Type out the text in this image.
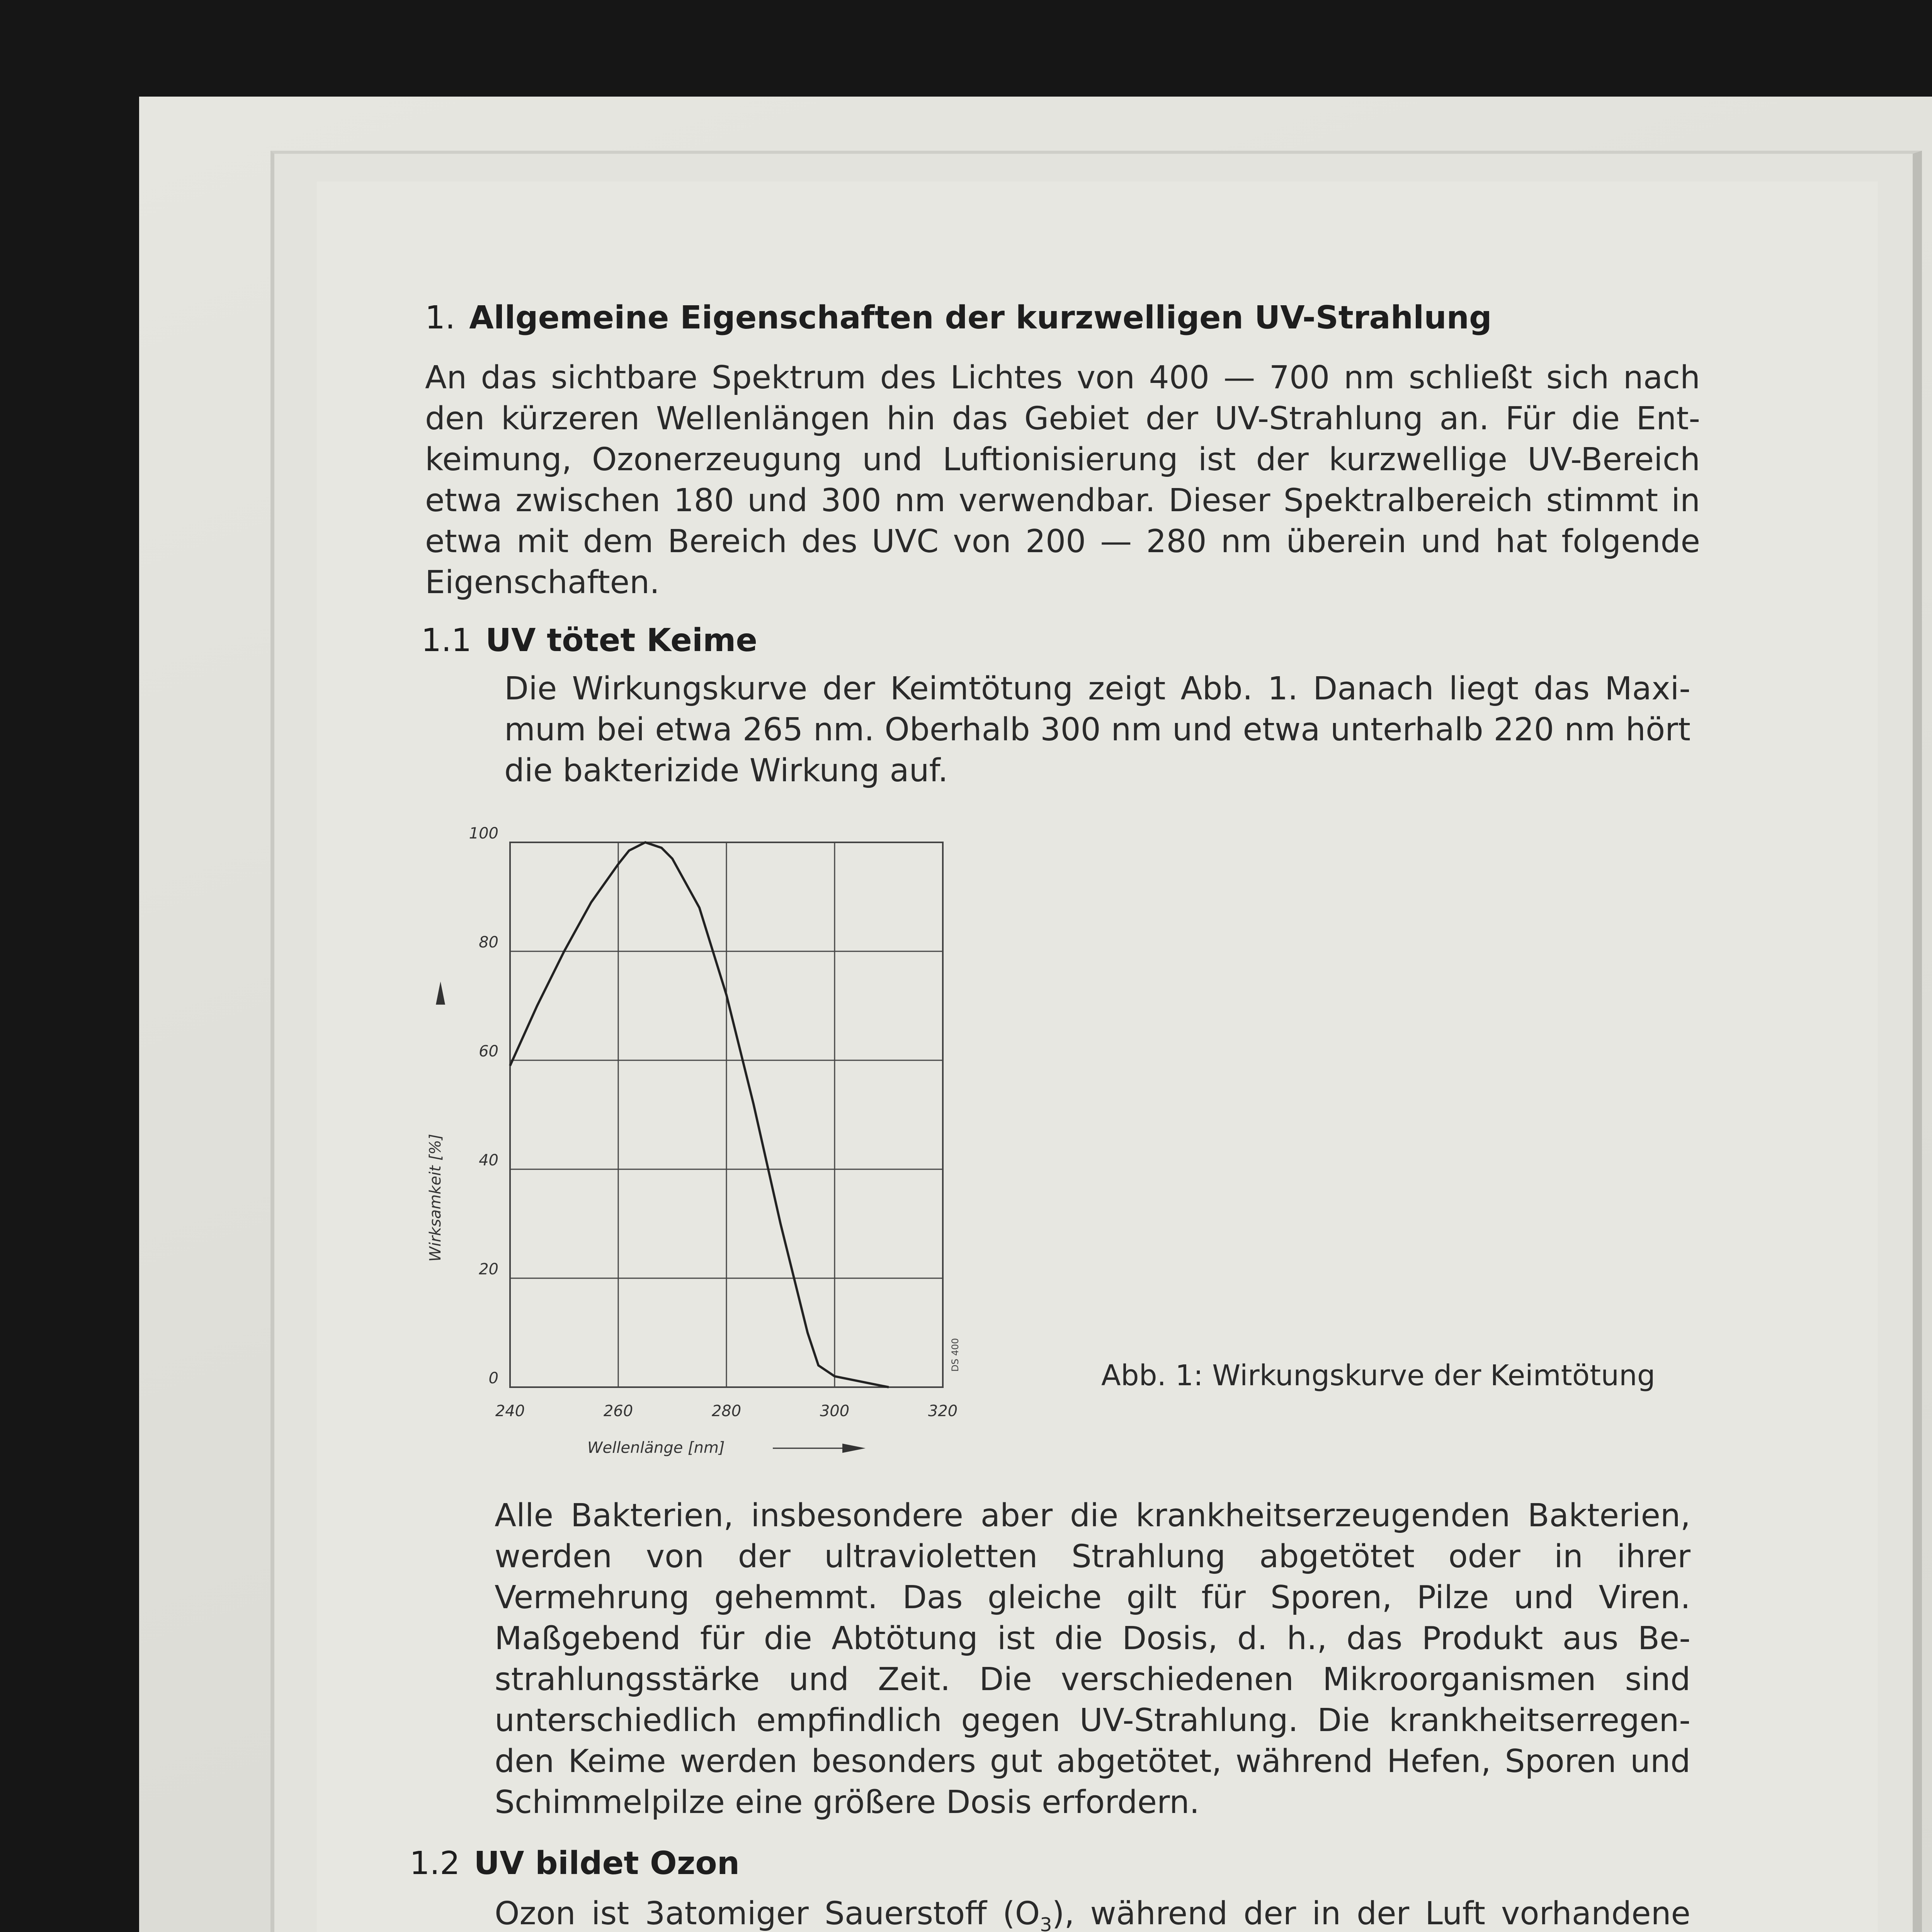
1. Allgemeine Eigenschaften der kurzwelligen UV-Strahlung
An das sichtbare Spektrum des Lichtes von 400 — 700 nm schließt sich nach den kürzeren Wellenlängen hin das Gebiet der UV-Strahlung an. Für die Entkeimung, Ozonerzeugung und Luftionisierung ist der kurzwellige UV-Bereich etwa zwischen 180 und 300 nm verwendbar. Dieser Spektralbereich stimmt in etwa mit dem Bereich des UVC von 200 — 280 nm überein und hat folgende Eigenschaften.
1.1 UV tötet Keime
Die Wirkungskurve der Keimtötung zeigt Abb. 1. Danach liegt das Maximum bei etwa 265 nm. Oberhalb 300 nm und etwa unterhalb 220 nm hört die bakterizide Wirkung auf.
0
20
40
60
80
100
240	260	280	300	320
Wirksamkeit [%]
Wellenlänge [nm]
DS 400
Abb. 1: Wirkungskurve der Keimtötung
Alle Bakterien, insbesondere aber die krankheitserzeugenden Bakterien, werden von der ultravioletten Strahlung abgetötet oder in ihrer Vermehrung gehemmt. Das gleiche gilt für Sporen, Pilze und Viren. Maßgebend für die Abtötung ist die Dosis, d. h., das Produkt aus Bestrahlungsstärke und Zeit. Die verschiedenen Mikroorganismen sind unterschiedlich empfindlich gegen UV-Strahlung. Die krankheitserregenden Keime werden besonders gut abgetötet, während Hefen, Sporen und Schimmelpilze eine größere Dosis erfordern.
1.2 UV bildet Ozon
Ozon ist 3atomiger Sauerstoff $(O_3)$, während der in der Luft vorhandene
